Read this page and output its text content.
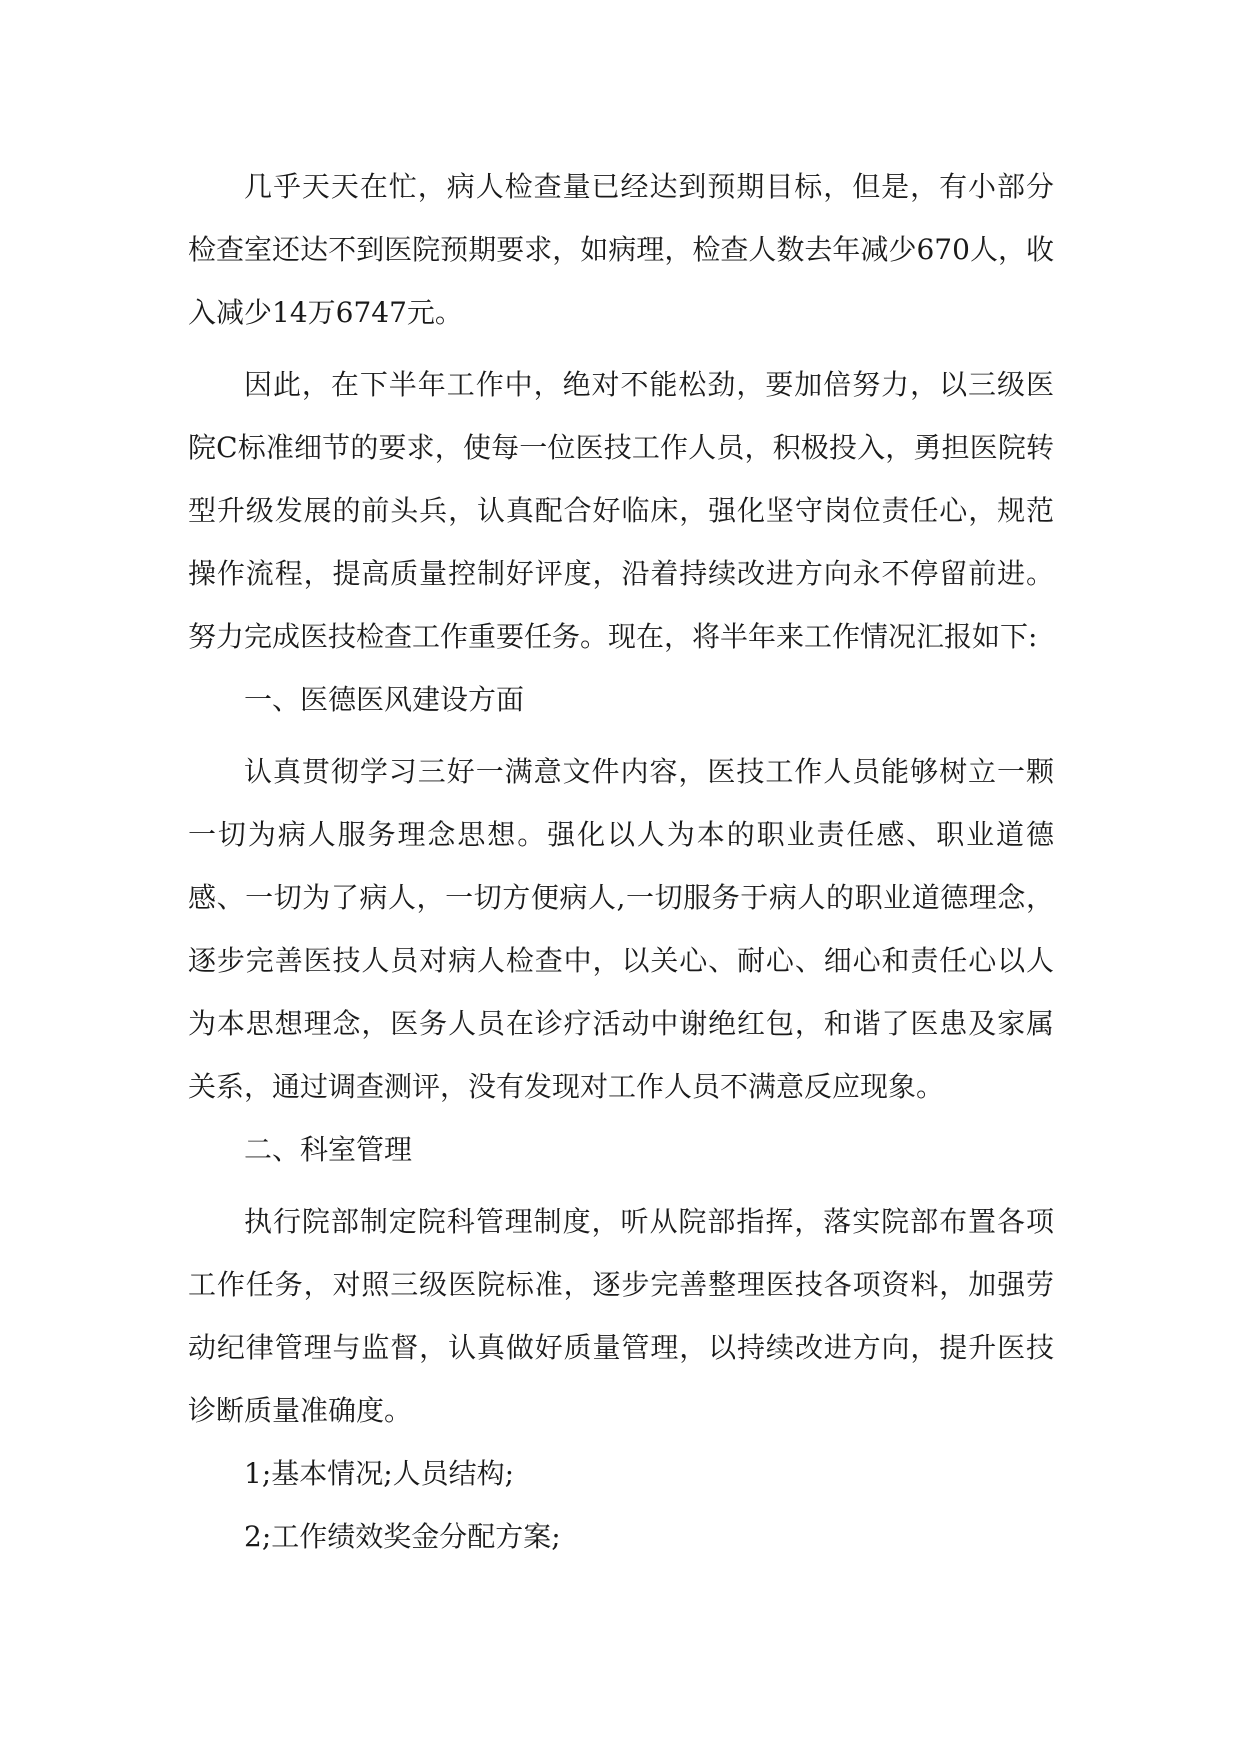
几乎天天在忙，病人检查量已经达到预期目标，但是，有小部分检查室还达不到医院预期要求，如病理，检查人数去年减少670人，收入减少14万6747元。

因此，在下半年工作中，绝对不能松劲，要加倍努力，以三级医院C标准细节的要求，使每一位医技工作人员，积极投入，勇担医院转型升级发展的前头兵，认真配合好临床，强化坚守岗位责任心，规范操作流程，提高质量控制好评度，沿着持续改进方向永不停留前进。努力完成医技检查工作重要任务。现在，将半年来工作情况汇报如下:

一、医德医风建设方面

认真贯彻学习三好一满意文件内容，医技工作人员能够树立一颗一切为病人服务理念思想。强化以人为本的职业责任感、职业道德感、一切为了病人，一切方便病人,一切服务于病人的职业道德理念，逐步完善医技人员对病人检查中，以关心、耐心、细心和责任心以人为本思想理念，医务人员在诊疗活动中谢绝红包，和谐了医患及家属关系，通过调查测评，没有发现对工作人员不满意反应现象。

二、科室管理

执行院部制定院科管理制度，听从院部指挥，落实院部布置各项工作任务，对照三级医院标准，逐步完善整理医技各项资料，加强劳动纪律管理与监督，认真做好质量管理，以持续改进方向，提升医技诊断质量准确度。

1;基本情况;人员结构;

2;工作绩效奖金分配方案;
